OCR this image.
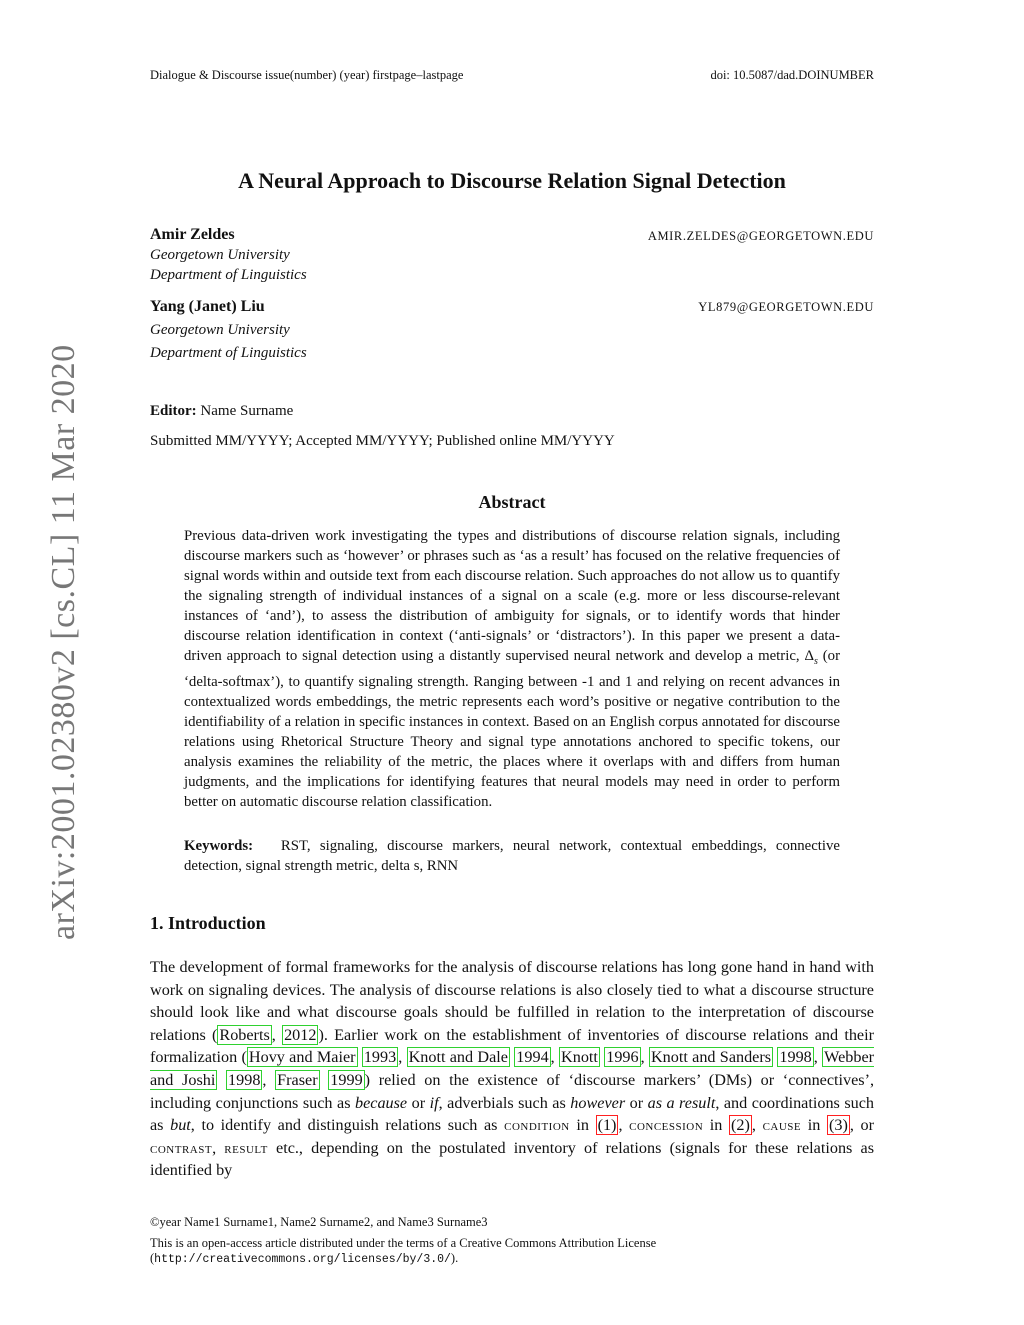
Dialogue & Discourse issue(number) (year) firstpage–lastpage	doi: 10.5087/dad.DOINUMBER
A Neural Approach to Discourse Relation Signal Detection
Amir Zeldes	AMIR.ZELDES@GEORGETOWN.EDU
Georgetown University
Department of Linguistics
Yang (Janet) Liu	YL879@GEORGETOWN.EDU
Georgetown University
Department of Linguistics
Editor: Name Surname
Submitted MM/YYYY; Accepted MM/YYYY; Published online MM/YYYY
Abstract

Previous data-driven work investigating the types and distributions of discourse relation signals, including discourse markers such as ‘however’ or phrases such as ‘as a result’ has focused on the relative frequencies of signal words within and outside text from each discourse relation. Such approaches do not allow us to quantify the signaling strength of individual instances of a signal on a scale (e.g. more or less discourse-relevant instances of ‘and’), to assess the distribution of ambiguity for signals, or to identify words that hinder discourse relation identification in context (‘anti-signals’ or ‘distractors’). In this paper we present a data-driven approach to signal detection using a distantly supervised neural network and develop a metric, $\Delta_s$ (or ‘delta-softmax’), to quantify signaling strength. Ranging between -1 and 1 and relying on recent advances in contextualized words embeddings, the metric represents each word’s positive or negative contribution to the identifiability of a relation in specific instances in context. Based on an English corpus annotated for discourse relations using Rhetorical Structure Theory and signal type annotations anchored to specific tokens, our analysis examines the reliability of the metric, the places where it overlaps with and differs from human judgments, and the implications for identifying features that neural models may need in order to perform better on automatic discourse relation classification.

Keywords: RST, signaling, discourse markers, neural network, contextual embeddings, connective detection, signal strength metric, delta s, RNN

1. Introduction

The development of formal frameworks for the analysis of discourse relations has long gone hand in hand with work on signaling devices. The analysis of discourse relations is also closely tied to what a discourse structure should look like and what discourse goals should be fulfilled in relation to the interpretation of discourse relations ( Roberts , 2012 ). Earlier work on the establishment of inventories of discourse relations and their formalization ( Hovy and Maier 1993 , Knott and Dale 1994 , Knott 1996 , Knott and Sanders 1998 , Webber and Joshi 1998 , Fraser 1999 ) relied on the existence of ‘discourse markers’ (DMs) or ‘connectives’, including conjunctions such as because or if, adverbials such as however or as a result, and coordinations such as but, to identify and distinguish relations such as condition in (1) , concession in (2) , cause in (3) , or contrast, result etc., depending on the postulated inventory of relations (signals for these relations as identified by

arXiv:2001.02380v2 [cs.CL] 11 Mar 2020
©year Name1 Surname1, Name2 Surname2, and Name3 Surname3
This is an open-access article distributed under the terms of a Creative Commons Attribution License
(http://creativecommons.org/licenses/by/3.0/).
